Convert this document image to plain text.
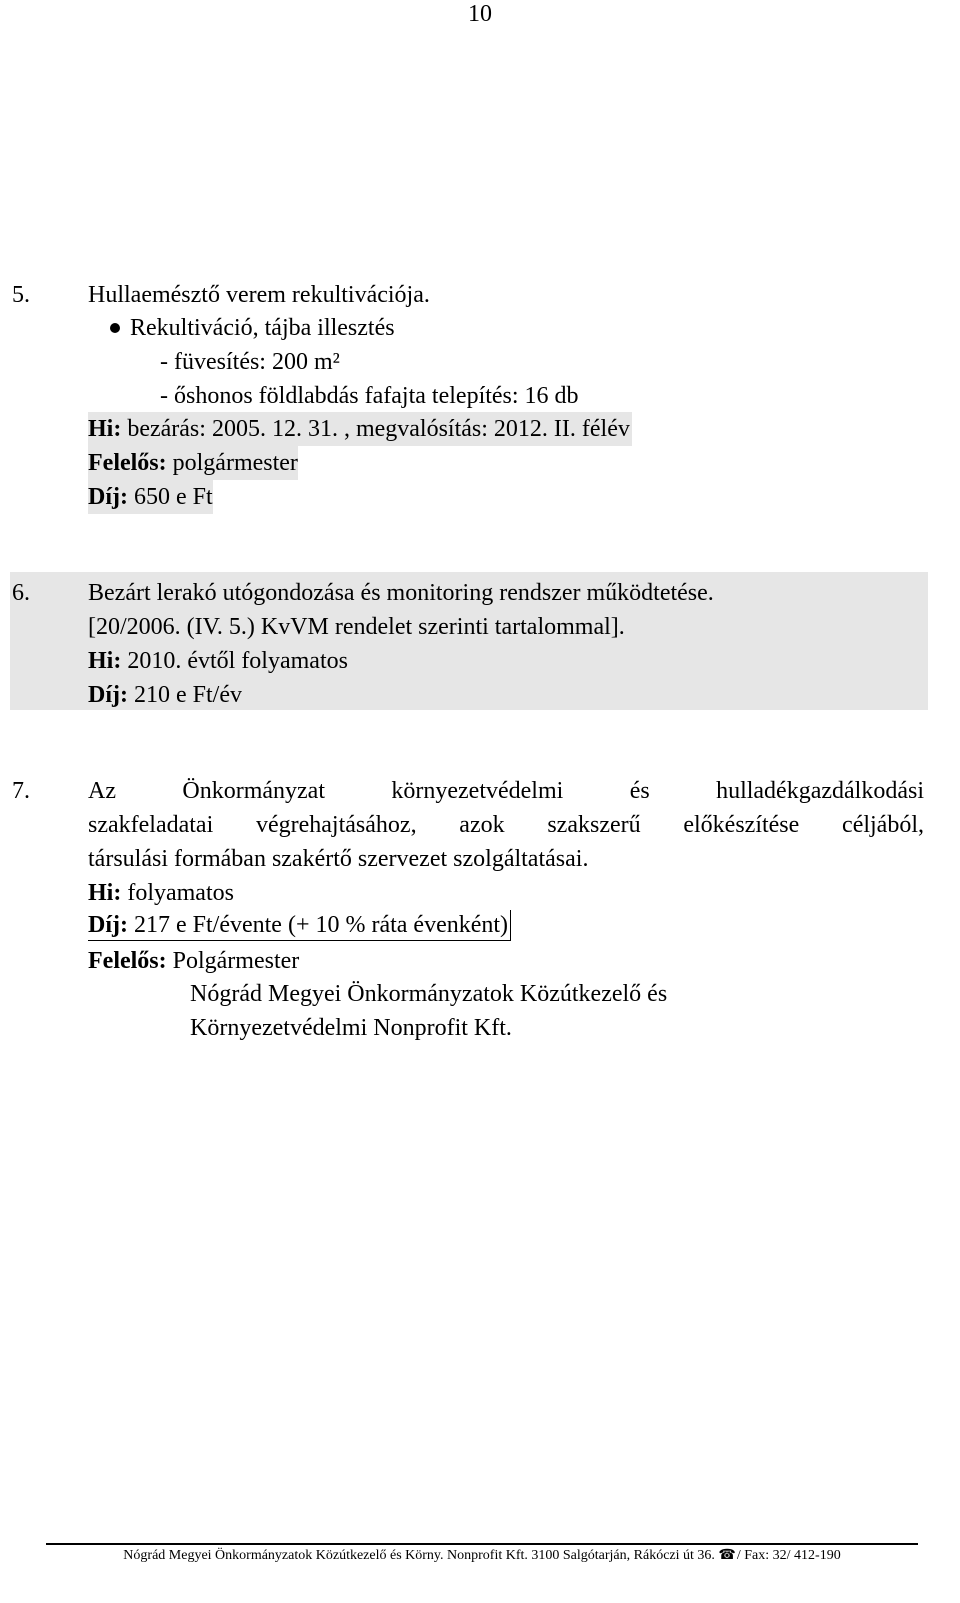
10
5. Hullaemésztő verem rekultivációja.
Rekultiváció, tájba illesztés
- füvesítés: 200 m²
- őshonos földlabdás fafajta telepítés: 16 db
Hi: bezárás: 2005. 12. 31. , megvalósítás: 2012. II. félév
Felelős: polgármester
Díj: 650 e Ft
6. Bezárt lerakó utógondozása és monitoring rendszer működtetése.
[20/2006. (IV. 5.) KvVM rendelet szerinti tartalommal].
Hi: 2010. évtől folyamatos
Díj: 210 e Ft/év
7. Az Önkormányzat környezetvédelmi és hulladékgazdálkodási
szakfeladatai végrehajtásához, azok szakszerű előkészítése céljából,
társulási formában szakértő szervezet szolgáltatásai.
Hi: folyamatos
Díj: 217 e Ft/évente (+ 10 % ráta évenként)
Felelős: Polgármester
Nógrád Megyei Önkormányzatok Közútkezelő és
Környezetvédelmi Nonprofit Kft.
Nógrád Megyei Önkormányzatok Közútkezelő és Körny. Nonprofit Kft. 3100 Salgótarján, Rákóczi út 36. ☎/ Fax: 32/ 412-190
